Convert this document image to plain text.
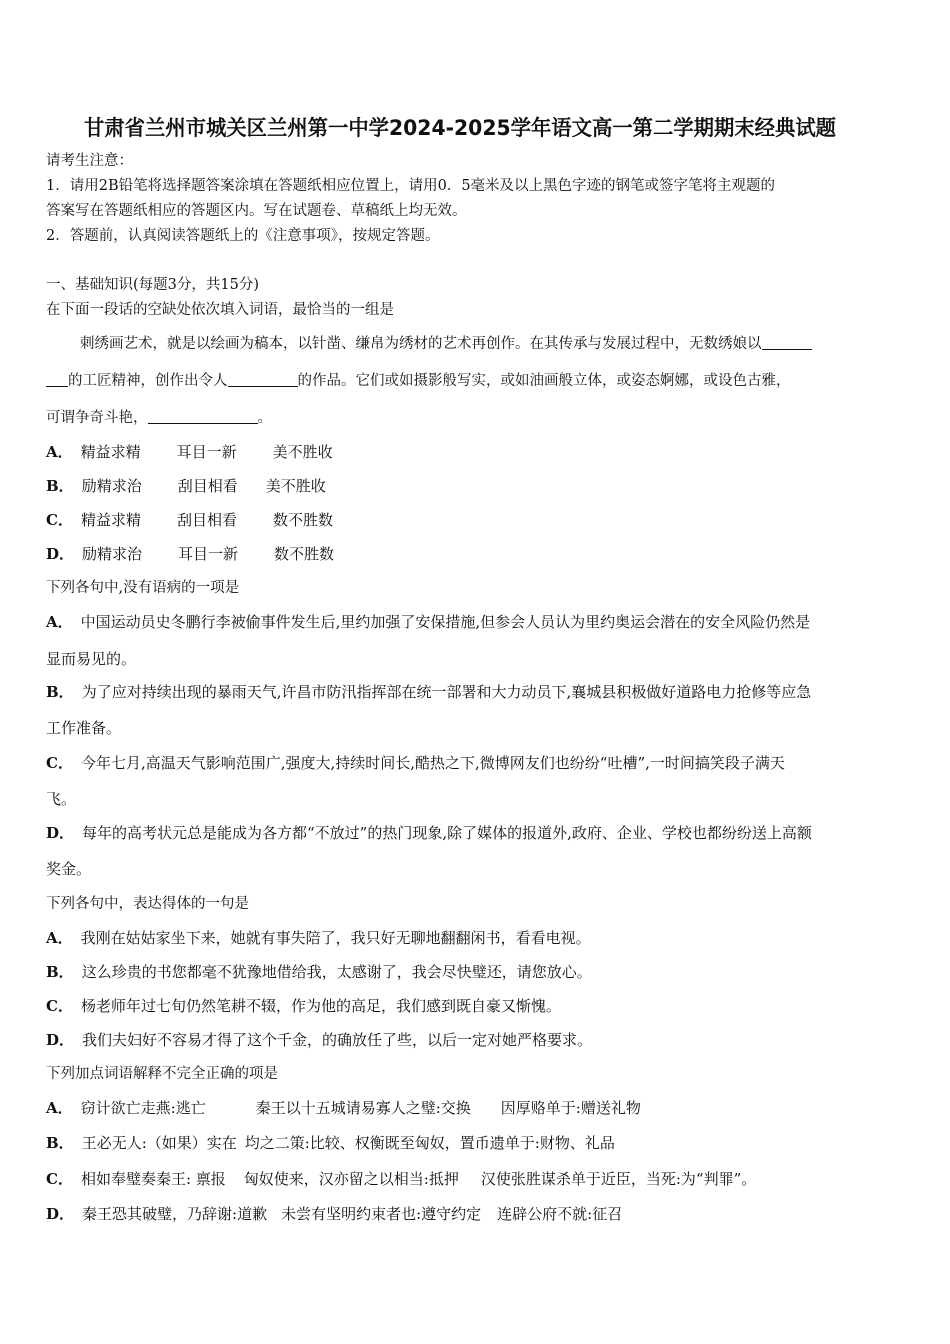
甘肃省兰州市城关区兰州第一中学2024-2025学年语文高一第二学期期末经典试题
请考生注意：
1．请用2B铅笔将选择题答案涂填在答题纸相应位置上，请用0．5毫米及以上黑色字迹的钢笔或签字笔将主观题的
答案写在答题纸相应的答题区内。写在试题卷、草稿纸上均无效。
2．答题前，认真阅读答题纸上的《注意事项》，按规定答题。
一、基础知识(每题3分，共15分)
在下面一段话的空缺处依次填入词语，最恰当的一组是
刺绣画艺术，就是以绘画为稿本，以针凿、缣帛为绣材的艺术再创作。在其传承与发展过程中，无数绣娘以
的工匠精神，创作出令人	的作品。它们或如摄影般写实，或如油画般立体，或姿态婀娜，或设色古雅，
可谓争奇斗艳，	。
A． 精益求精 耳目一新 美不胜收
B． 励精求治 刮目相看 美不胜收
C． 精益求精 刮目相看 数不胜数
D． 励精求治 耳目一新 数不胜数
下列各句中,没有语病的一项是
A． 中国运动员史冬鹏行李被偷事件发生后,里约加强了安保措施,但参会人员认为里约奥运会潜在的安全风险仍然是
显而易见的。
B． 为了应对持续出现的暴雨天气,许昌市防汛指挥部在统一部署和大力动员下,襄城县积极做好道路电力抢修等应急
工作准备。
C． 今年七月,高温天气影响范围广,强度大,持续时间长,酷热之下,微博网友们也纷纷“吐槽”,一时间搞笑段子满天
飞。
D． 每年的高考状元总是能成为各方都“不放过”的热门现象,除了媒体的报道外,政府、企业、学校也都纷纷送上高额
奖金。
下列各句中，表达得体的一句是
A． 我刚在姑姑家坐下来，她就有事失陪了，我只好无聊地翻翻闲书，看看电视。
B． 这么珍贵的书您都毫不犹豫地借给我，太感谢了，我会尽快璧还，请您放心。
C． 杨老师年过七旬仍然笔耕不辍，作为他的高足，我们感到既自豪又惭愧。
D． 我们夫妇好不容易才得了这个千金，的确放任了些，以后一定对她严格要求。
下列加点词语解释不完全正确的项是
A． 窃计欲亡走燕:逃亡	秦王以十五城请易寡人之璧:交换 因厚赂单于:赠送礼物
B． 王必无人:（如果）实在 均之二策:比较、权衡既至匈奴，置币遗单于:财物、礼品
C． 相如奉璧奏秦王: 禀报 匈奴使来，汉亦留之以相当:抵押 汉使张胜谋杀单于近臣，当死:为“判罪”。
D． 秦王恐其破璧，乃辞谢:道歉 未尝有坚明约束者也:遵守约定 连辟公府不就:征召
